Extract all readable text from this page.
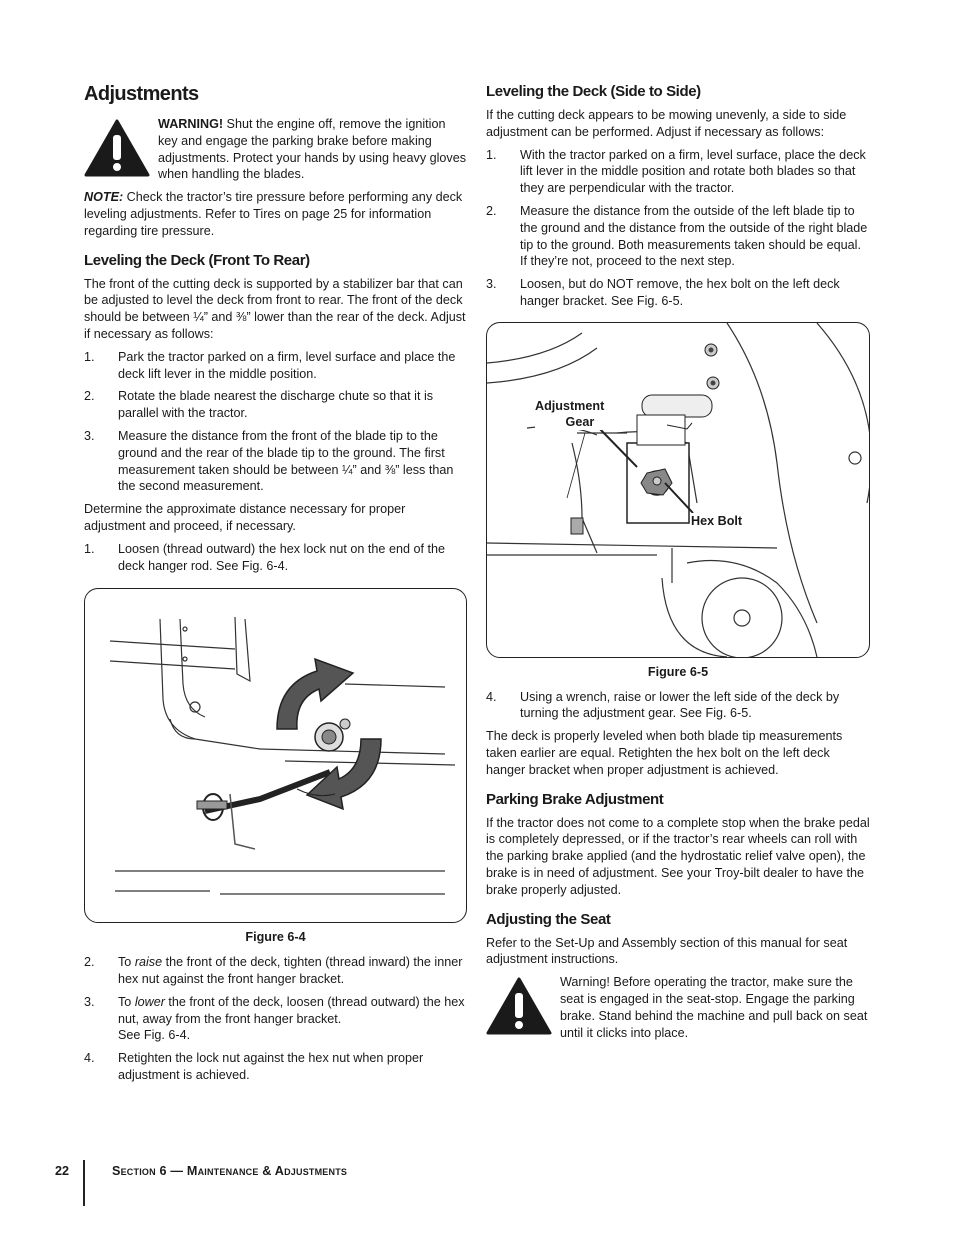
Adjustments
WARNING! Shut the engine off, remove the ignition key and engage the parking brake before making adjustments. Protect your hands by using heavy gloves when handling the blades.

NOTE: Check the tractor’s tire pressure before performing any deck leveling adjustments. Refer to Tires on page 25 for information regarding tire pressure.

Leveling the Deck (Front To Rear)

The front of the cutting deck is supported by a stabilizer bar that can be adjusted to level the deck from front to rear. The front of the deck should be between ¼” and ⅜” lower than the rear of the deck. Adjust if necessary as follows:

1. Park the tractor parked on a firm, level surface and place the deck lift lever in the middle position.
2. Rotate the blade nearest the discharge chute so that it is parallel with the tractor.
3. Measure the distance from the front of the blade tip to the ground and the rear of the blade tip to the ground. The first measurement taken should be between ¼” and ⅜” less than the second measurement.

Determine the approximate distance necessary for proper adjustment and proceed, if necessary.

1. Loosen (thread outward) the hex lock nut on the end of the deck hanger rod. See Fig. 6-4.
Figure 6-4
2. To raise the front of the deck, tighten (thread inward) the inner hex nut against the front hanger bracket.
3. To lower the front of the deck, loosen (thread outward) the hex nut, away from the front hanger bracket.
See Fig. 6-4.
4. Retighten the lock nut against the hex nut when proper adjustment is achieved.
Leveling the Deck (Side to Side)

If the cutting deck appears to be mowing unevenly, a side to side adjustment can be performed. Adjust if necessary as follows:

1. With the tractor parked on a firm, level surface, place the deck lift lever in the middle position and rotate both blades so that they are perpendicular with the tractor.
2. Measure the distance from the outside of the left blade tip to the ground and the distance from the outside of the right blade tip to the ground. Both measurements taken should be equal. If they’re not, proceed to the next step.
3. Loosen, but do NOT remove, the hex bolt on the left deck hanger bracket. See Fig. 6-5.
Adjustment
Gear
Hex Bolt
Figure 6-5
4. Using a wrench, raise or lower the left side of the deck by turning the adjustment gear. See Fig. 6-5.

The deck is properly leveled when both blade tip measurements taken earlier are equal. Retighten the hex bolt on the left deck hanger bracket when proper adjustment is achieved.

Parking Brake Adjustment

If the tractor does not come to a complete stop when the brake pedal is completely depressed, or if the tractor’s rear wheels can roll with the parking brake applied (and the hydrostatic relief valve open), the brake is in need of adjustment. See your Troy-bilt dealer to have the brake properly adjusted.

Adjusting the Seat

Refer to the Set-Up and Assembly section of this manual for seat adjustment instructions.

Warning! Before operating the tractor, make sure the seat is engaged in the seat-stop. Engage the parking brake. Stand behind the machine and pull back on seat until it clicks into place.
22	Section 6 — Maintenance & Adjustments
